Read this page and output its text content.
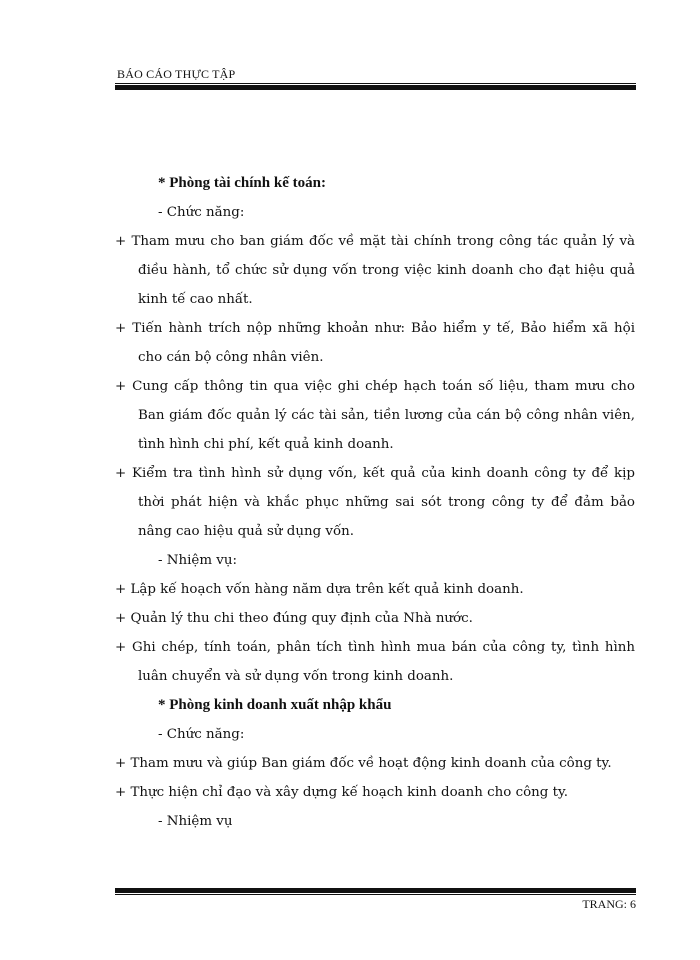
BÁO CÁO THỰC TẬP

* Phòng tài chính kế toán:

- Chức năng:

+ Tham mưu cho ban giám đốc về mặt tài chính trong công tác quản lý và điều hành, tổ chức sử dụng vốn trong việc kinh doanh cho đạt hiệu quả kinh tế cao nhất.

+ Tiến hành trích nộp những khoản như: Bảo hiểm y tế, Bảo hiểm xã hội cho cán bộ công nhân viên.

+ Cung cấp thông tin qua việc ghi chép hạch toán số liệu, tham mưu cho Ban giám đốc quản lý các tài sản, tiền lương của cán bộ công nhân viên, tình hình chi phí, kết quả kinh doanh.

+ Kiểm tra tình hình sử dụng vốn, kết quả của kinh doanh công ty để kịp thời phát hiện và khắc phục những sai sót trong công ty để đảm bảo nâng cao hiệu quả sử dụng vốn.

- Nhiệm vụ:

+ Lập kế hoạch vốn hàng năm dựa trên kết quả kinh doanh.

+ Quản lý thu chi theo đúng quy định của Nhà nước.

+ Ghi chép, tính toán, phân tích tình hình mua bán của công ty, tình hình luân chuyển và sử dụng vốn trong kinh doanh.

* Phòng kinh doanh xuất nhập khẩu

- Chức năng:

+ Tham mưu và giúp Ban giám đốc về hoạt động kinh doanh của công ty.

+ Thực hiện chỉ đạo và xây dựng kế hoạch kinh doanh cho công ty.

- Nhiệm vụ

TRANG: 6
